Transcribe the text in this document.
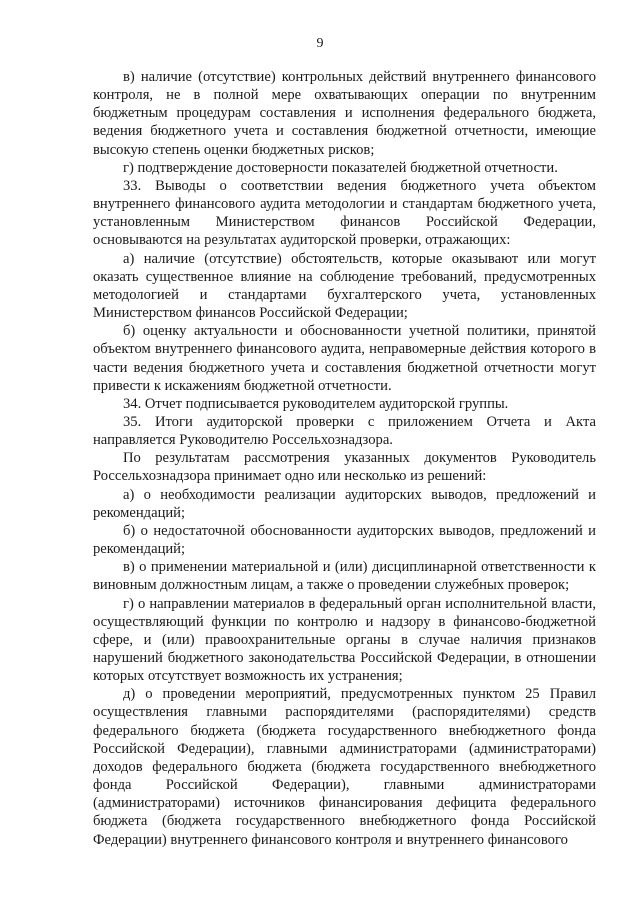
9

в) наличие (отсутствие) контрольных действий внутреннего финансового контроля, не в полной мере охватывающих операции по внутренним бюджетным процедурам составления и исполнения федерального бюджета, ведения бюджетного учета и составления бюджетной отчетности, имеющие высокую степень оценки бюджетных рисков;

г) подтверждение достоверности показателей бюджетной отчетности.

33. Выводы о соответствии ведения бюджетного учета объектом внутреннего финансового аудита методологии и стандартам бюджетного учета, установленным Министерством финансов Российской Федерации, основываются на результатах аудиторской проверки, отражающих:

а) наличие (отсутствие) обстоятельств, которые оказывают или могут оказать существенное влияние на соблюдение требований, предусмотренных методологией и стандартами бухгалтерского учета, установленных Министерством финансов Российской Федерации;

б) оценку актуальности и обоснованности учетной политики, принятой объектом внутреннего финансового аудита, неправомерные действия которого в части ведения бюджетного учета и составления бюджетной отчетности могут привести к искажениям бюджетной отчетности.

34. Отчет подписывается руководителем аудиторской группы.

35. Итоги аудиторской проверки с приложением Отчета и Акта направляется Руководителю Россельхознадзора.

По результатам рассмотрения указанных документов Руководитель Россельхознадзора принимает одно или несколько из решений:

а) о необходимости реализации аудиторских выводов, предложений и рекомендаций;

б) о недостаточной обоснованности аудиторских выводов, предложений и рекомендаций;

в) о применении материальной и (или) дисциплинарной ответственности к виновным должностным лицам, а также о проведении служебных проверок;

г) о направлении материалов в федеральный орган исполнительной власти, осуществляющий функции по контролю и надзору в финансово-бюджетной сфере, и (или) правоохранительные органы в случае наличия признаков нарушений бюджетного законодательства Российской Федерации, в отношении которых отсутствует возможность их устранения;

д) о проведении мероприятий, предусмотренных пунктом 25 Правил осуществления главными распорядителями (распорядителями) средств федерального бюджета (бюджета государственного внебюджетного фонда Российской Федерации), главными администраторами (администраторами) доходов федерального бюджета (бюджета государственного внебюджетного фонда Российской Федерации), главными администраторами (администраторами) источников финансирования дефицита федерального бюджета (бюджета государственного внебюджетного фонда Российской Федерации) внутреннего финансового контроля и внутреннего финансового
